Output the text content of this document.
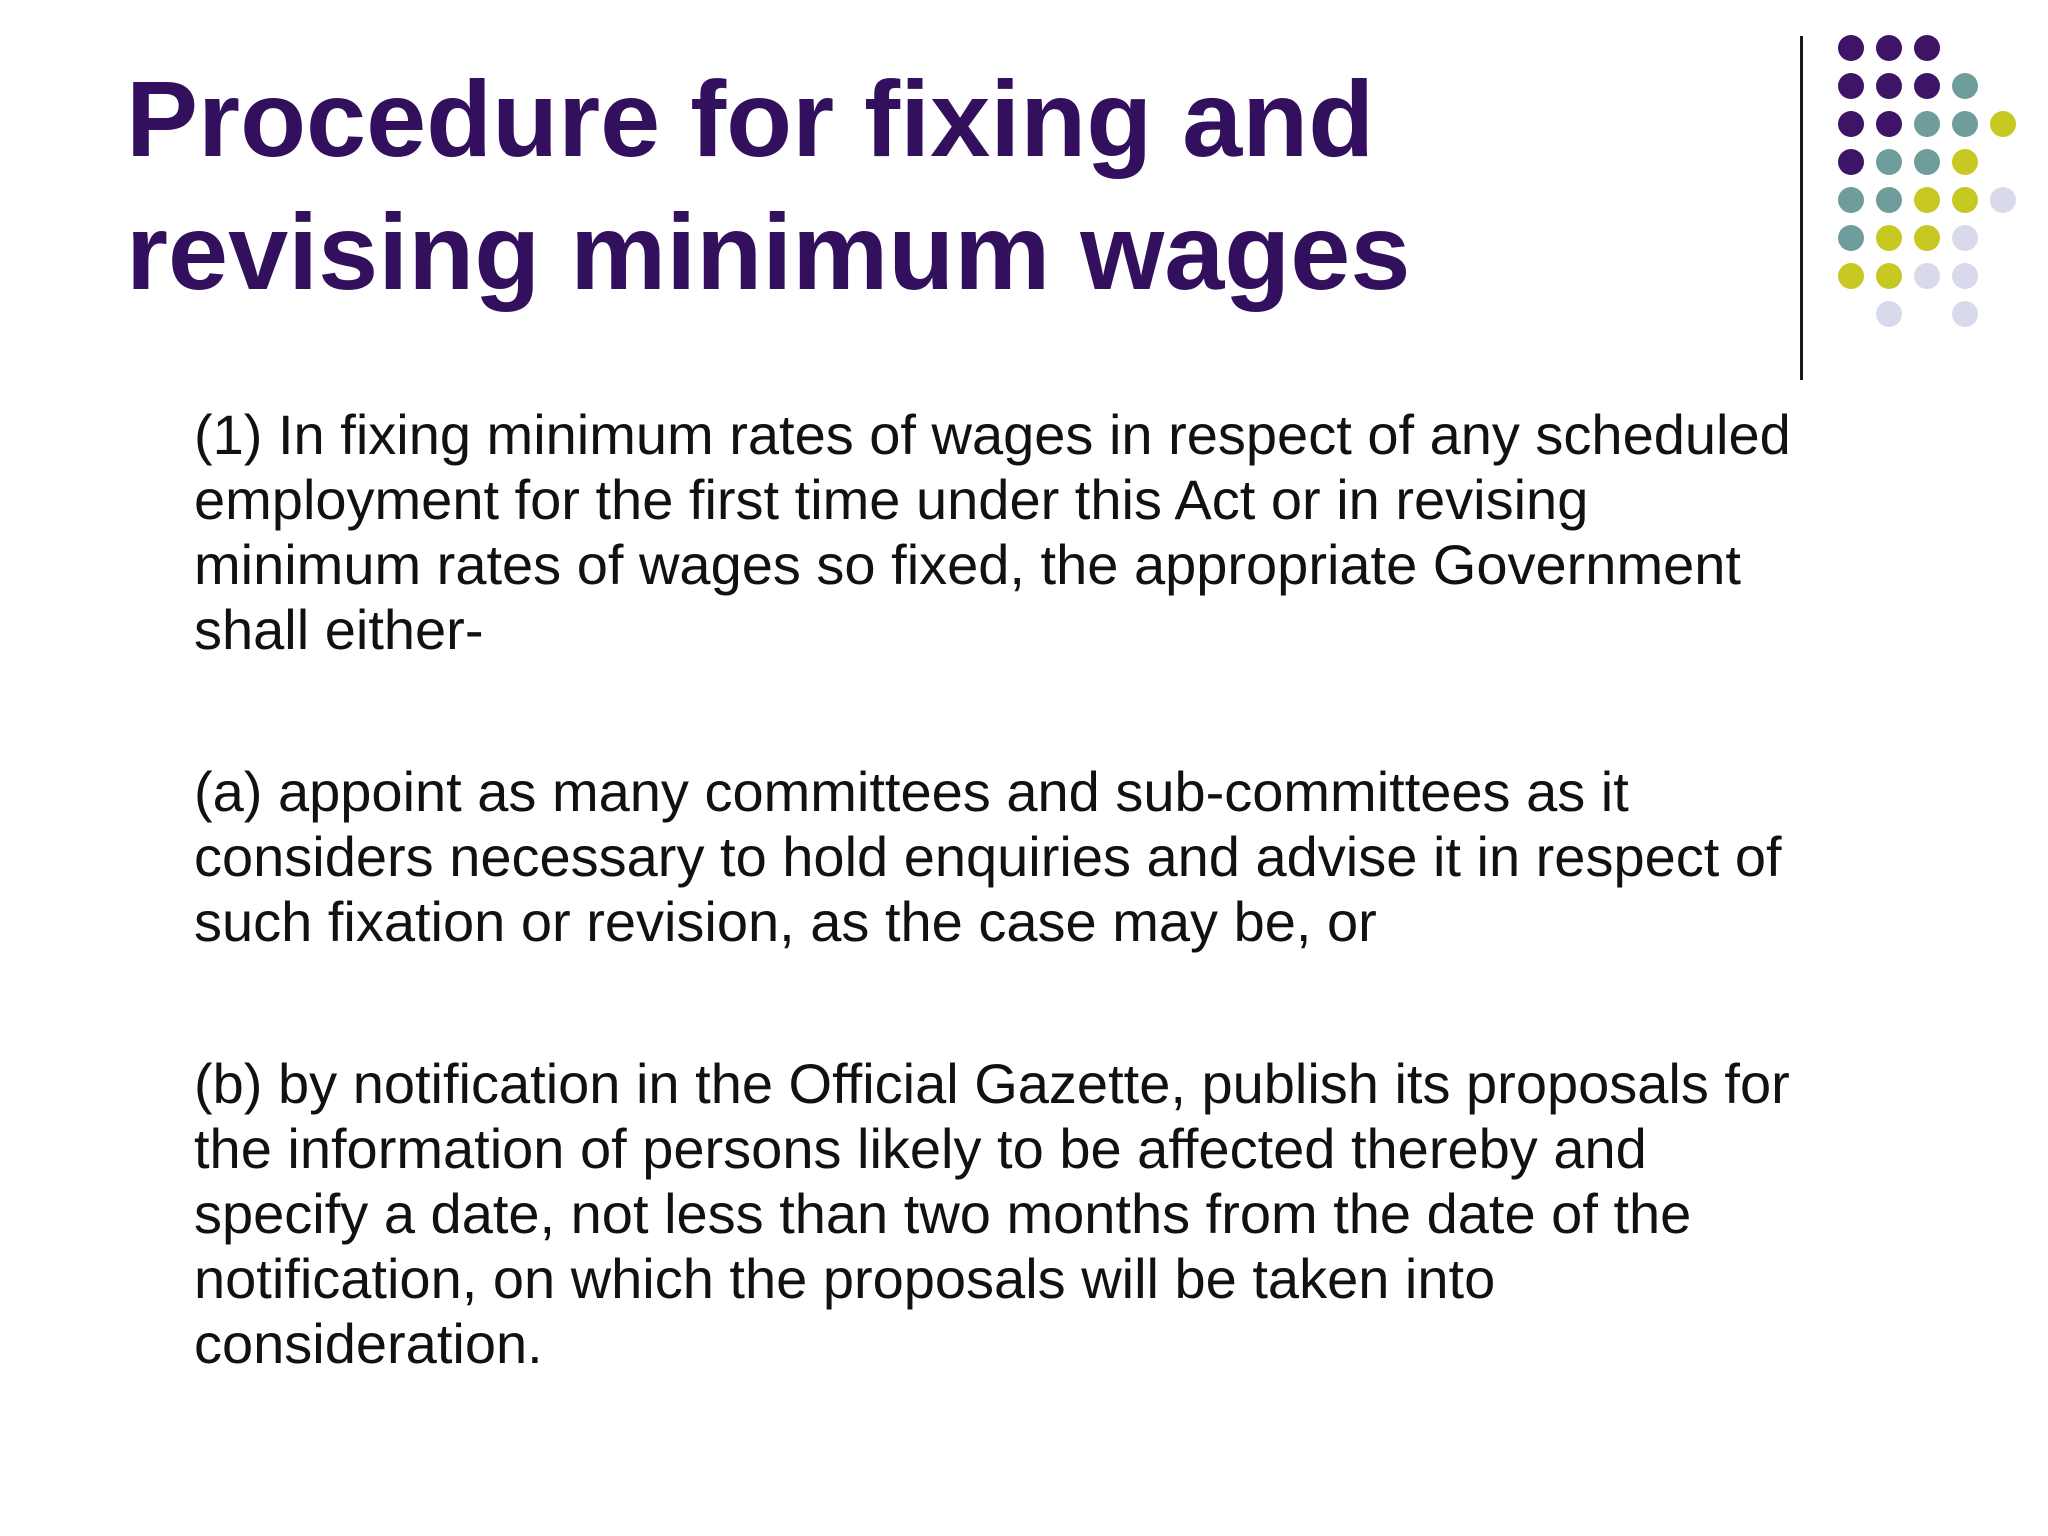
Procedure for fixing and
revising minimum wages

(1) In fixing minimum rates of wages in respect of any scheduled
employment for the first time under this Act or in revising
minimum rates of wages so fixed, the appropriate Government
shall either-

(a) appoint as many committees and sub-committees as it
considers necessary to hold enquiries and advise it in respect of
such fixation or revision, as the case may be, or

(b) by notification in the Official Gazette, publish its proposals for
the information of persons likely to be affected thereby and
specify a date, not less than two months from the date of the
notification, on which the proposals will be taken into
consideration.
